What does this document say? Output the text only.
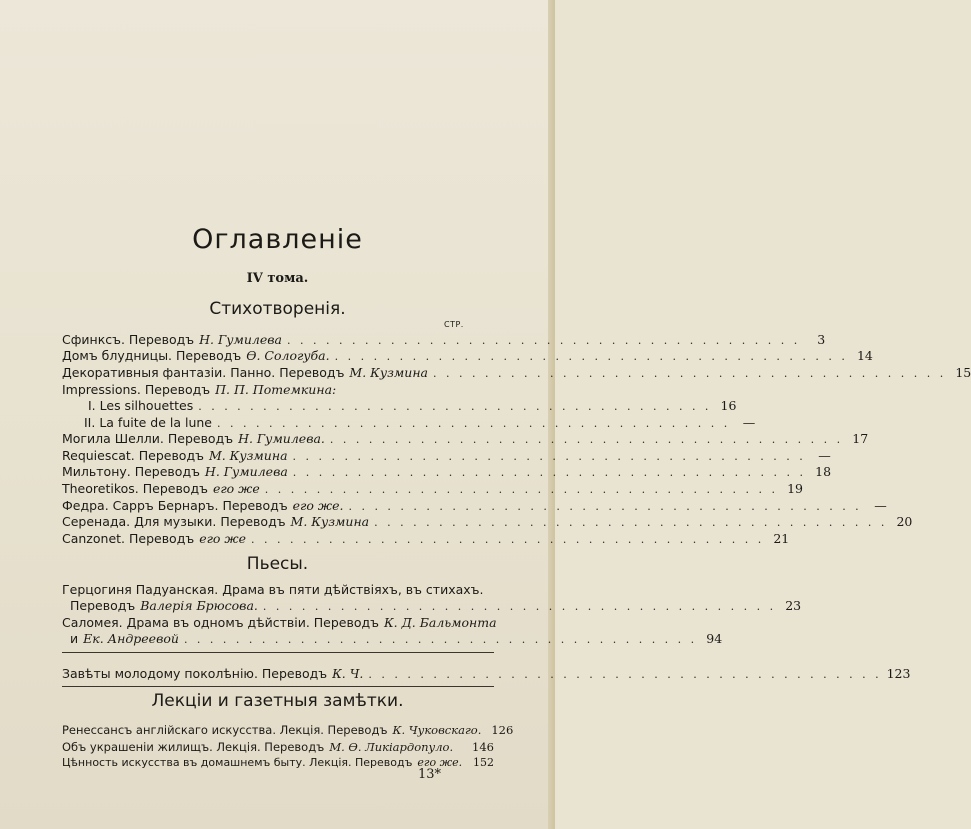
Оглавленіе
IV тома.
Стихотворенія.
СТР.
Сфинксъ. Переводъ Н. Гумилева . . . . . . . . . . . . . . . . . . . . . . . . . . . . . . . . . . . . . . . .	3
Домъ блудницы. Переводъ Ѳ. Сологуба. . . . . . . . . . . . . . . . . . . . . . . . . . . . . . . . . . . . . . . . . 14
Декоративныя фантазіи. Панно. Переводъ М. Кузмина . . . . . . . . . . . . . . . . . . . . . . . . . . . . . . . . . . . . . . . . 15
Impressions. Переводъ П. П. Потемкина:
I. Les silhouettes . . . . . . . . . . . . . . . . . . . . . . . . . . . . . . . . . . . . . . . . 16
II. La fuite de la lune . . . . . . . . . . . . . . . . . . . . . . . . . . . . . . . . . . . . . . . .	—
Могила Шелли. Переводъ Н. Гумилева. . . . . . . . . . . . . . . . . . . . . . . . . . . . . . . . . . . . . . . . . 17
Requiescat. Переводъ М. Кузмина . . . . . . . . . . . . . . . . . . . . . . . . . . . . . . . . . . . . . . . .	—
Мильтону. Переводъ Н. Гумилева . . . . . . . . . . . . . . . . . . . . . . . . . . . . . . . . . . . . . . . . 18
Theoretikos. Переводъ его же . . . . . . . . . . . . . . . . . . . . . . . . . . . . . . . . . . . . . . . . 19
Федра. Сарръ Бернаръ. Переводъ его же. . . . . . . . . . . . . . . . . . . . . . . . . . . . . . . . . . . . . . . . .	—
Серенада. Для музыки. Переводъ М. Кузмина . . . . . . . . . . . . . . . . . . . . . . . . . . . . . . . . . . . . . . . . 20
Canzonet. Переводъ его же . . . . . . . . . . . . . . . . . . . . . . . . . . . . . . . . . . . . . . . . 21
Пьесы.
Герцогиня Падуанская. Драма въ пяти дѣйствіяхъ, въ стихахъ.
Переводъ Валерія Брюсова. . . . . . . . . . . . . . . . . . . . . . . . . . . . . . . . . . . . . . . . . 23
Саломея. Драма въ одномъ дѣйствіи. Переводъ К. Д. Бальмонта
и Ек. Андреевой . . . . . . . . . . . . . . . . . . . . . . . . . . . . . . . . . . . . . . . . 94
Завѣты молодому поколѣнію. Переводъ К. Ч. . . . . . . . . . . . . . . . . . . . . . . . . . . . . . . . . . . . . . . . . 123
Лекціи и газетныя замѣтки.
Ренессансъ англійскаго искусства. Лекція. Переводъ К. Чуковскаго. 126
Объ украшеніи жилищъ. Лекція. Переводъ М. Ѳ. Ликіардопуло. 146
Цѣнность искусства въ домашнемъ быту. Лекція. Переводъ его же. 152
13*
